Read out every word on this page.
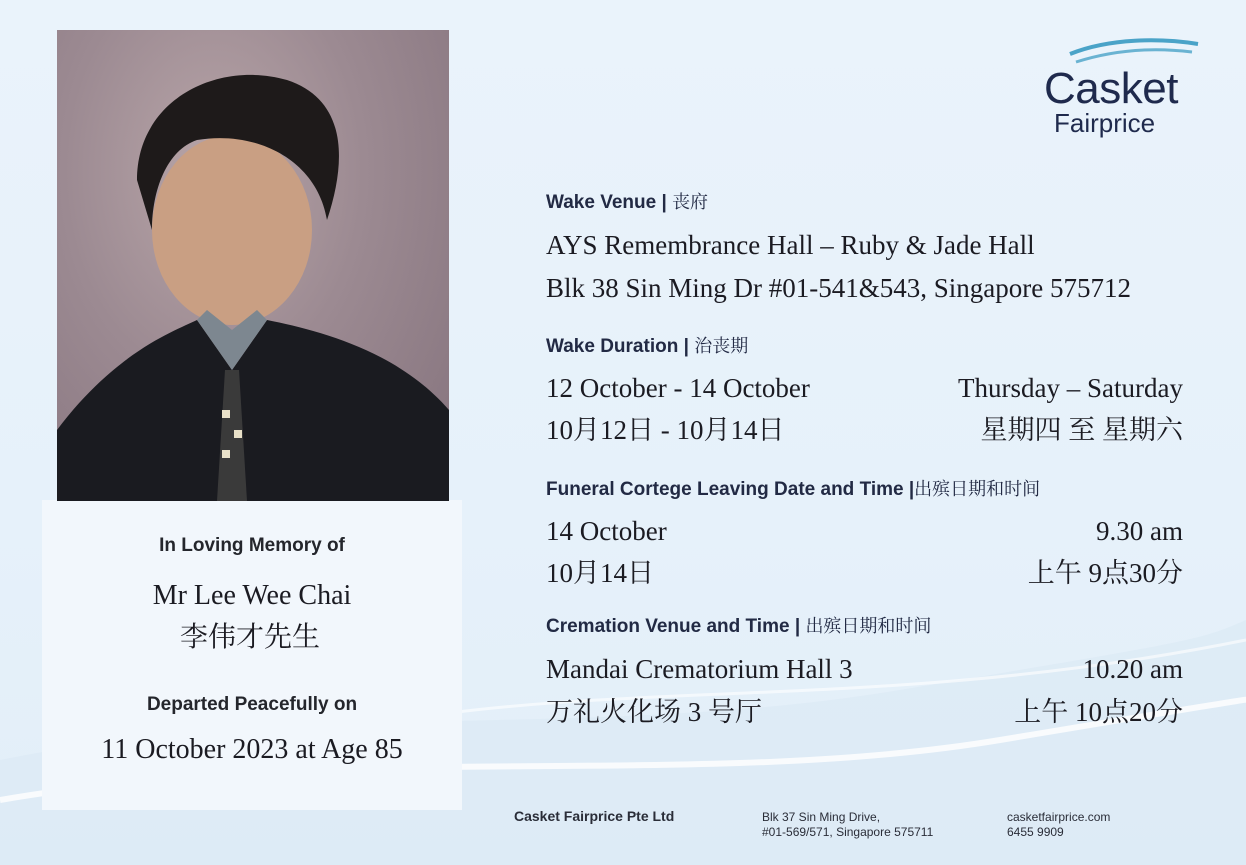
In Loving Memory of
Mr Lee Wee Chai
李伟才先生
Departed Peacefully on
11 October 2023 at Age 85
Casket
Fairprice
Wake Venue | 丧府
AYS Remembrance Hall – Ruby & Jade Hall
Blk 38 Sin Ming Dr #01-541&543, Singapore 575712
Wake Duration | 治丧期
12 October - 14 October	Thursday – Saturday
10月12日 - 10月14日	星期四 至 星期六
Funeral Cortege Leaving Date and Time |出殡日期和时间
14 October	9.30 am
10月14日	上午 9点30分
Cremation Venue and Time | 出殡日期和时间
Mandai Crematorium Hall 3	10.20 am
万礼火化场 3 号厅	上午 10点20分
Casket Fairprice Pte Ltd	Blk 37 Sin Ming Drive,
#01-569/571, Singapore 575711
casketfairprice.com
6455 9909
